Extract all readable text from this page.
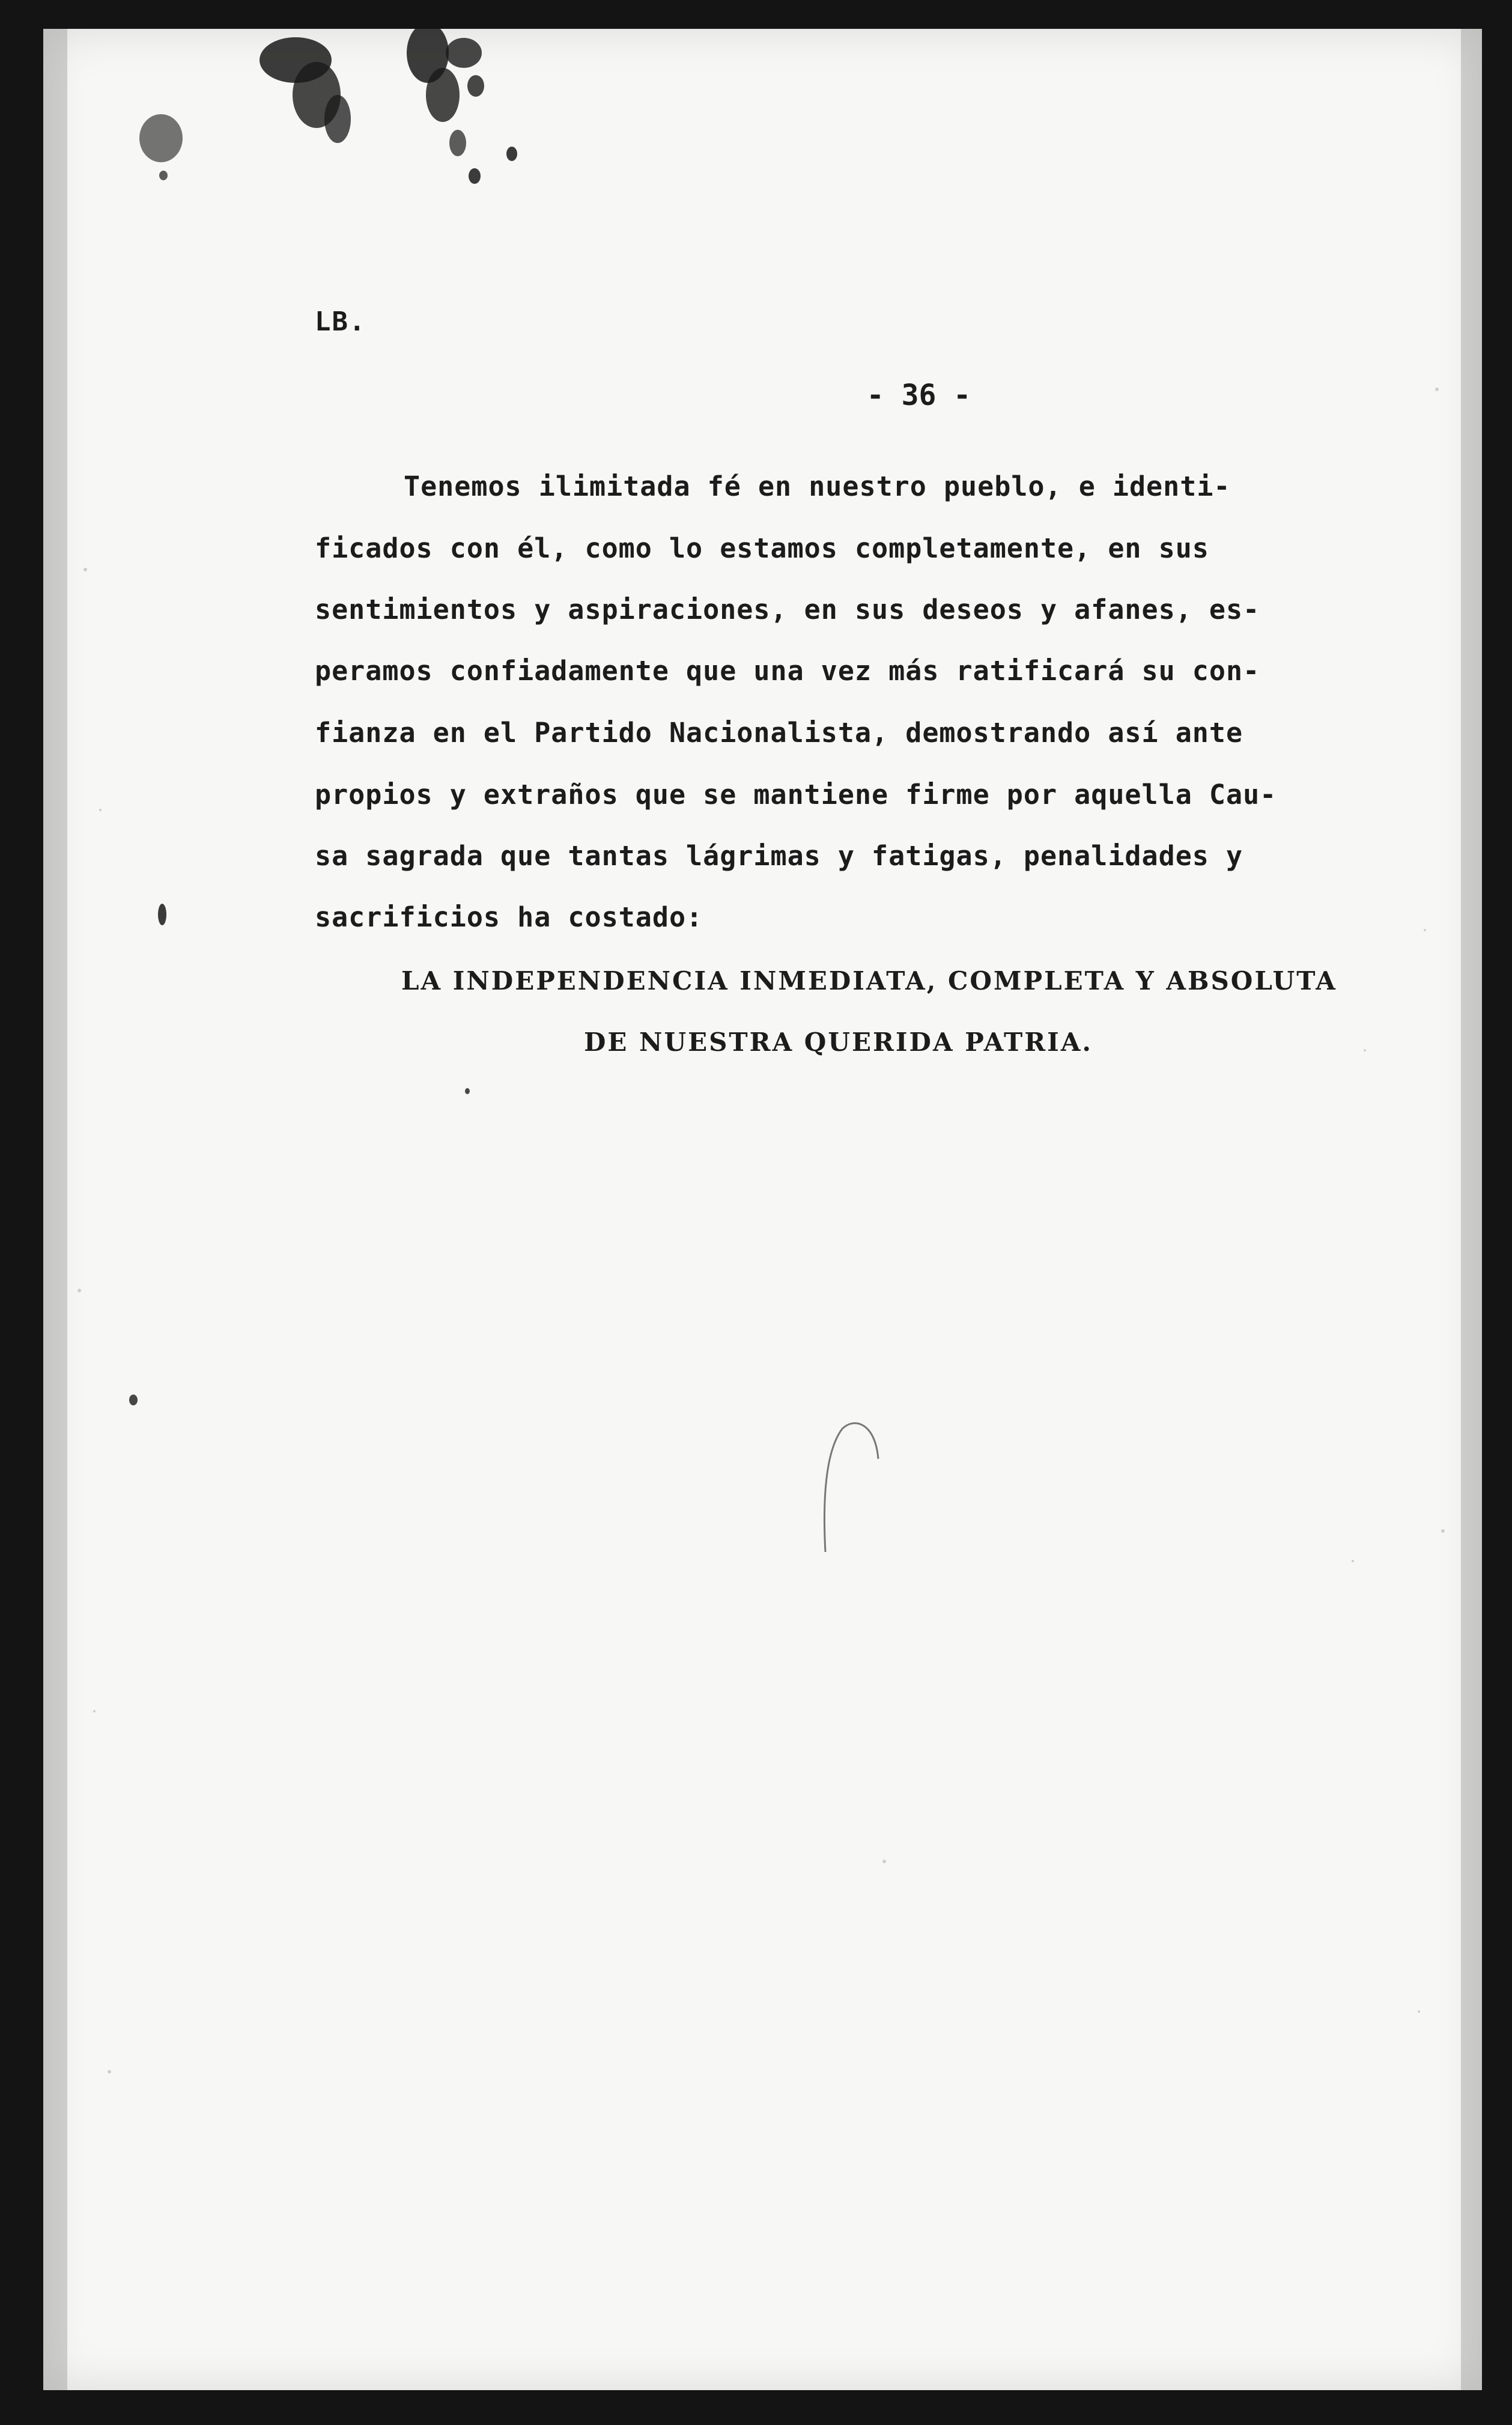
LB.
- 36 -
Tenemos ilimitada fé en nuestro pueblo, e identi-
ficados con él, como lo estamos completamente, en sus
sentimientos y aspiraciones, en sus deseos y afanes, es-
peramos confiadamente que una vez más ratificará su con-
fianza en el Partido Nacionalista, demostrando así ante
propios y extraños que se mantiene firme por aquella Cau-
sa sagrada que tantas lágrimas y fatigas, penalidades y
sacrificios ha costado:
LA INDEPENDENCIA INMEDIATA, COMPLETA Y ABSOLUTA
DE NUESTRA QUERIDA PATRIA.
